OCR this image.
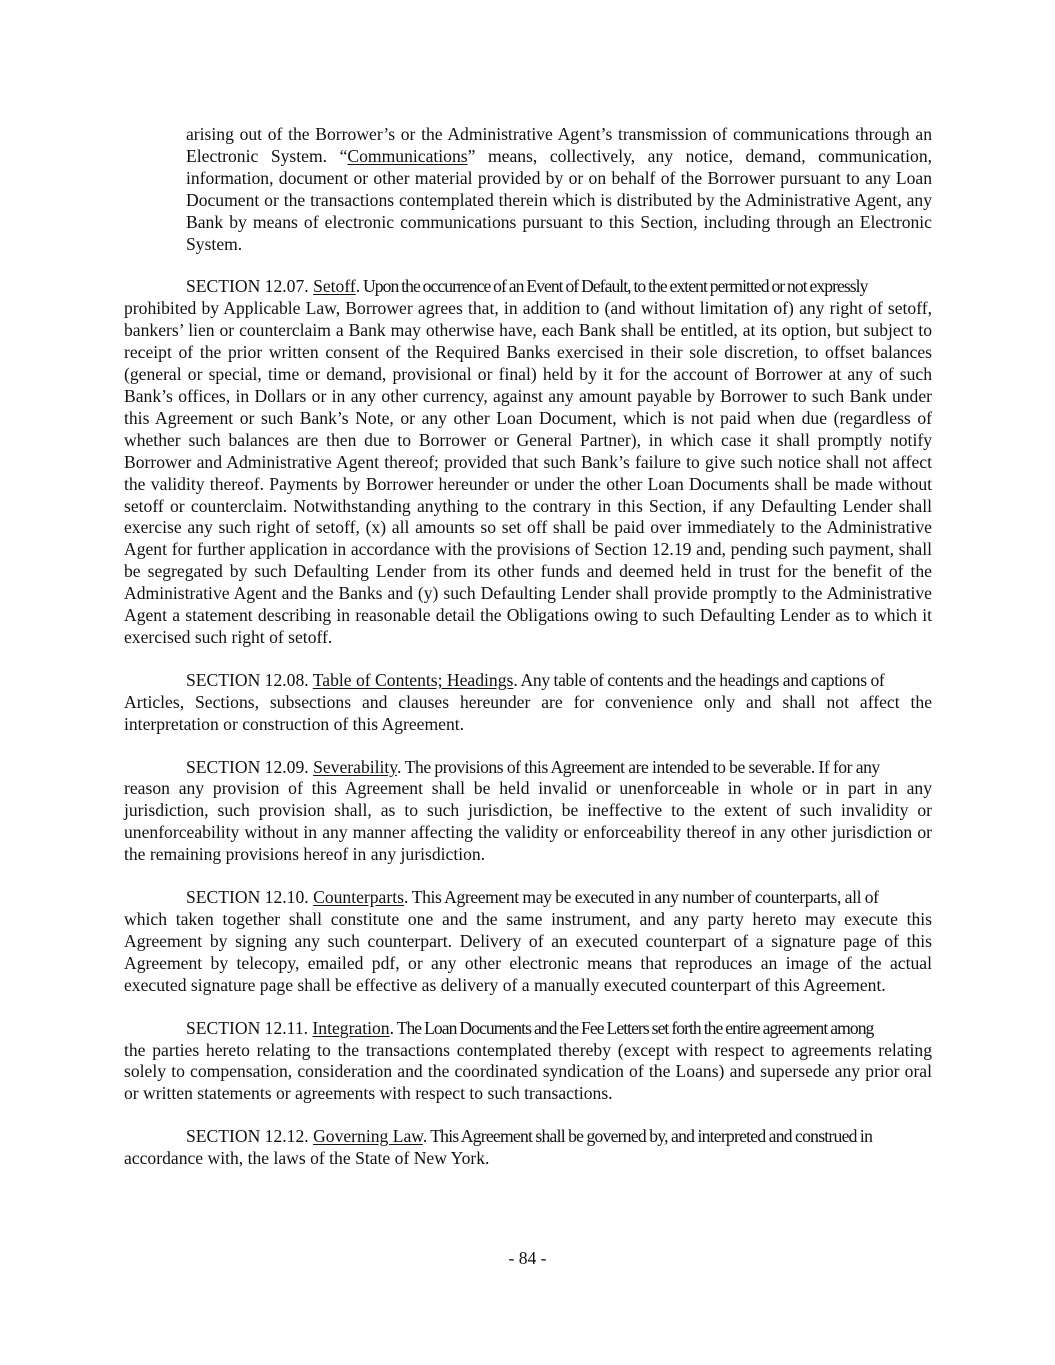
arising out of the Borrower’s or the Administrative Agent’s transmission of communications through an Electronic System. “Communications” means, collectively, any notice, demand, communication, information, document or other material provided by or on behalf of the Borrower pursuant to any Loan Document or the transactions contemplated therein which is distributed by the Administrative Agent, any Bank by means of electronic communications pursuant to this Section, including through an Electronic System.

SECTION 12.07. Setoff. Upon the occurrence of an Event of Default, to the extent permitted or not expressly
prohibited by Applicable Law, Borrower agrees that, in addition to (and without limitation of) any right of setoff, bankers’ lien or counterclaim a Bank may otherwise have, each Bank shall be entitled, at its option, but subject to receipt of the prior written consent of the Required Banks exercised in their sole discretion, to offset balances (general or special, time or demand, provisional or final) held by it for the account of Borrower at any of such Bank’s offices, in Dollars or in any other currency, against any amount payable by Borrower to such Bank under this Agreement or such Bank’s Note, or any other Loan Document, which is not paid when due (regardless of whether such balances are then due to Borrower or General Partner), in which case it shall promptly notify Borrower and Administrative Agent thereof; provided that such Bank’s failure to give such notice shall not affect the validity thereof. Payments by Borrower hereunder or under the other Loan Documents shall be made without setoff or counterclaim. Notwithstanding anything to the contrary in this Section, if any Defaulting Lender shall exercise any such right of setoff, (x) all amounts so set off shall be paid over immediately to the Administrative Agent for further application in accordance with the provisions of Section 12.19 and, pending such payment, shall be segregated by such Defaulting Lender from its other funds and deemed held in trust for the benefit of the Administrative Agent and the Banks and (y) such Defaulting Lender shall provide promptly to the Administrative Agent a statement describing in reasonable detail the Obligations owing to such Defaulting Lender as to which it exercised such right of setoff.

SECTION 12.08. Table of Contents; Headings. Any table of contents and the headings and captions of
Articles, Sections, subsections and clauses hereunder are for convenience only and shall not affect the interpretation or construction of this Agreement.

SECTION 12.09. Severability. The provisions of this Agreement are intended to be severable. If for any
reason any provision of this Agreement shall be held invalid or unenforceable in whole or in part in any jurisdiction, such provision shall, as to such jurisdiction, be ineffective to the extent of such invalidity or unenforceability without in any manner affecting the validity or enforceability thereof in any other jurisdiction or the remaining provisions hereof in any jurisdiction.

SECTION 12.10. Counterparts. This Agreement may be executed in any number of counterparts, all of
which taken together shall constitute one and the same instrument, and any party hereto may execute this Agreement by signing any such counterpart. Delivery of an executed counterpart of a signature page of this Agreement by telecopy, emailed pdf, or any other electronic means that reproduces an image of the actual executed signature page shall be effective as delivery of a manually executed counterpart of this Agreement.

SECTION 12.11. Integration. The Loan Documents and the Fee Letters set forth the entire agreement among
the parties hereto relating to the transactions contemplated thereby (except with respect to agreements relating solely to compensation, consideration and the coordinated syndication of the Loans) and supersede any prior oral or written statements or agreements with respect to such transactions.

SECTION 12.12. Governing Law. This Agreement shall be governed by, and interpreted and construed in
accordance with, the laws of the State of New York.

- 84 -
